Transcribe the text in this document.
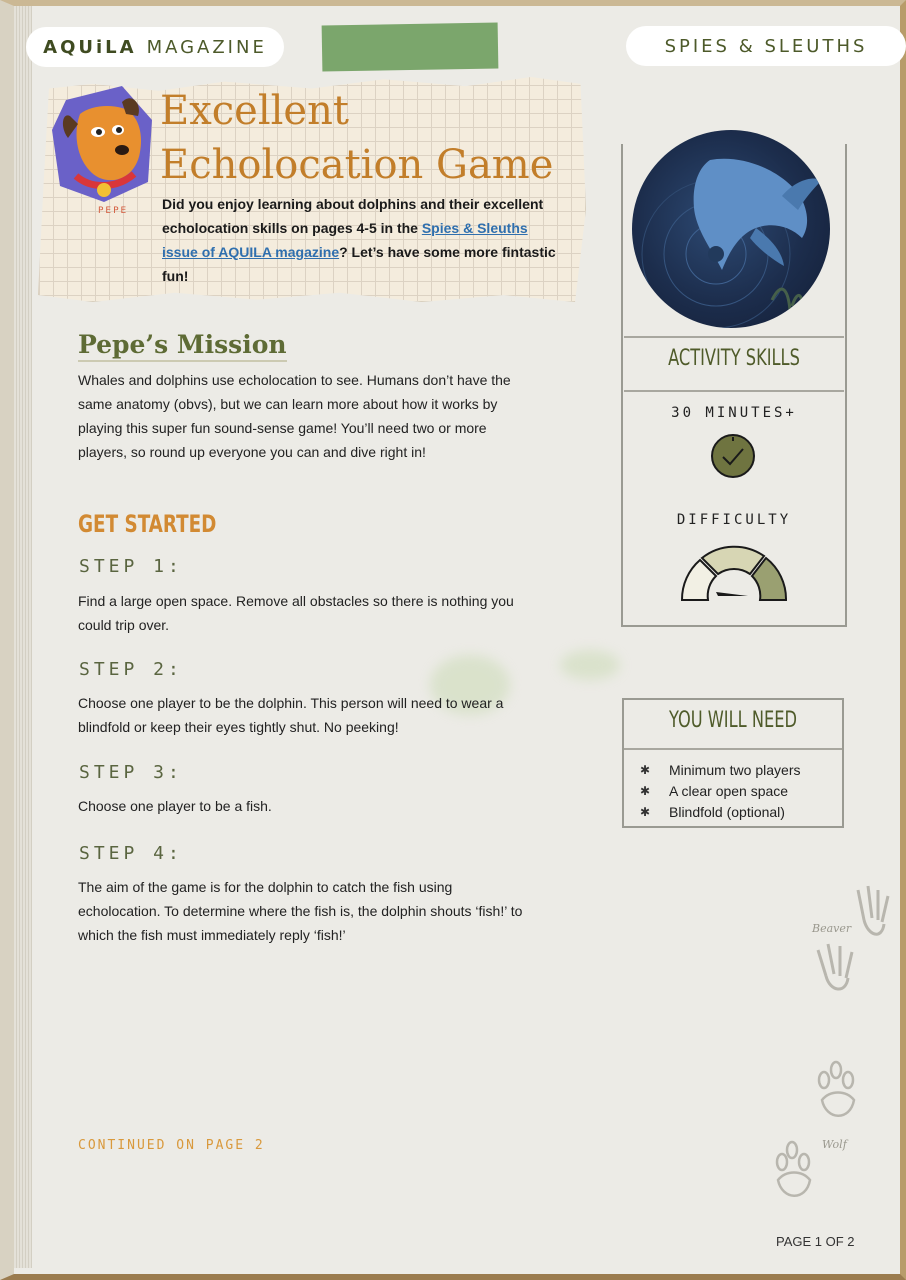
AQUiLA MAGAZINE	SPIES & SLEUTHS
PEPE
Excellent
Echolocation Game

Did you enjoy learning about dolphins and their excellent echolocation skills on pages 4-5 in the Spies & Sleuths issue of AQUILA magazine? Let’s have some more fintastic fun!

Pepe’s Mission

Whales and dolphins use echolocation to see. Humans don’t have the same anatomy (obvs), but we can learn more about how it works by playing this super fun sound-sense game! You’ll need two or more players, so round up everyone you can and dive right in!

GET STARTED
STEP 1:

Find a large open space. Remove all obstacles so there is nothing you could trip over.

STEP 2:

Choose one player to be the dolphin. This person will need to wear a blindfold or keep their eyes tightly shut. No peeking!

STEP 3:

Choose one player to be a fish.

STEP 4:

The aim of the game is for the dolphin to catch the fish using echolocation. To determine where the fish is, the dolphin shouts ‘fish!’ to which the fish must immediately reply ‘fish!’

CONTINUED ON PAGE 2
PAGE 1 OF 2
ACTIVITY SKILLS
30 MINUTES+
DIFFICULTY
YOU WILL NEED
✱	Minimum two players
✱	A clear open space
✱	Blindfold (optional)
Beaver
Wolf
